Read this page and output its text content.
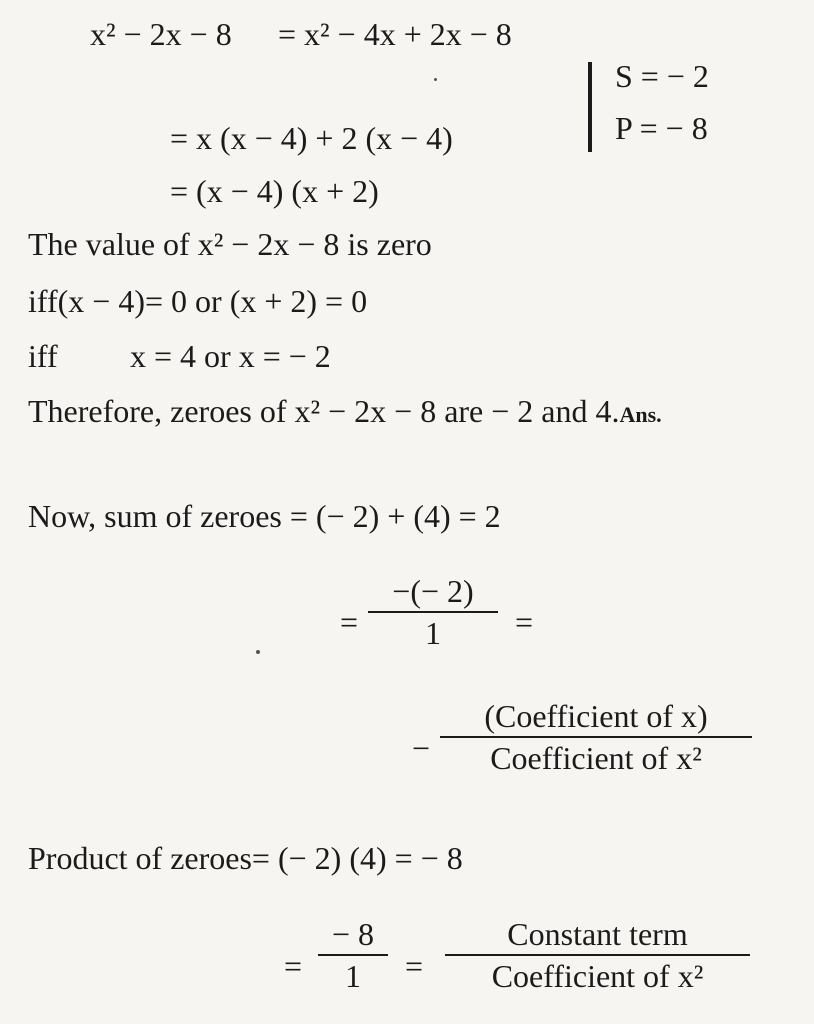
x² − 2x − 8 = x² − 4x + 2x − 8
S = − 2
P = − 8
= x (x − 4) + 2 (x − 4)
= (x − 4) (x + 2)
The value of x² − 2x − 8 is zero
iff(x − 4)= 0 or (x + 2) = 0
iff x = 4 or x = − 2
Therefore, zeroes of x² − 2x − 8 are − 2 and 4.Ans.
Now, sum of zeroes = (− 2) + (4) = 2
=
−(− 2)
1	=
−
(Coefficient of x)
Coefficient of x²
Product of zeroes= (− 2) (4) = − 8
=
− 8
1	=
Constant term
Coefficient of x²
